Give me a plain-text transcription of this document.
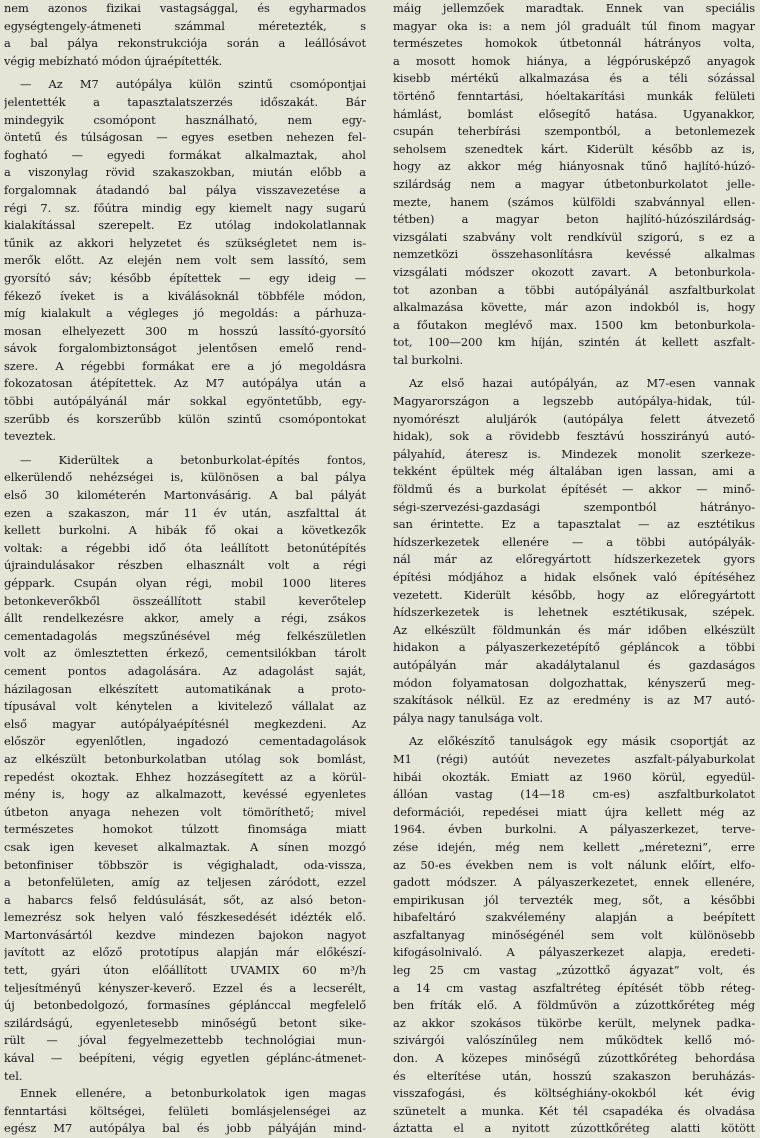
nem azonos fizikai vastagsággal, és egyharmados
egységtengely-átmeneti számmal méretezték, s
a bal pálya rekonstrukciója során a leállósávot
végig mebízható módon újraépítették.
— Az M7 autópálya külön szintű csomópontjai
jelentették a tapasztalatszerzés időszakát. Bár
mindegyik csomópont használható, nem egy-
öntetű és túlságosan — egyes esetben nehezen fel-
fogható — egyedi formákat alkalmaztak, ahol
a viszonylag rövid szakaszokban, miután előbb a
forgalomnak átadandó bal pálya visszavezetése a
régi 7. sz. főútra mindig egy kiemelt nagy sugarú
kialakítással szerepelt. Ez utólag indokolatlannak
tűnik az akkori helyzetet és szükségletet nem is-
merők előtt. Az elején nem volt sem lassító, sem
gyorsító sáv; később építettek — egy ideig —
fékező íveket is a kiválásoknál többféle módon,
míg kialakult a végleges jó megoldás: a párhuza-
mosan elhelyezett 300 m hosszú lassító-gyorsító
sávok forgalombiztonságot jelentősen emelő rend-
szere. A régebbi formákat ere a jó megoldásra
fokozatosan átépítettek. Az M7 autópálya után a
többi autópályánál már sokkal egyöntetűbb, egy-
szerűbb és korszerűbb külön szintű csomópontokat
teveztek.
— Kiderültek a betonburkolat-építés fontos,
elkerülendő nehézségei is, különösen a bal pálya
első 30 kilométerén Martonvásárig. A bal pályát
ezen a szakaszon, már 11 év után, aszfalttal át
kellett burkolni. A hibák fő okai a következők
voltak: a régebbi idő óta leállított betonútépítés
újraindulásakor részben elhasznált volt a régi
géppark. Csupán olyan régi, mobil 1000 literes
betonkeverőkből összeállított stabil keverőtelep
állt rendelkezésre akkor, amely a régi, zsákos
cementadagolás megszűnésével még felkészületlen
volt az ömlesztetten érkező, cementsilókban tárolt
cement pontos adagolására. Az adagolást saját,
házilagosan elkészített automatikának a proto-
típusával volt kénytelen a kivitelező vállalat az
első magyar autópályaépítésnél megkezdeni. Az
először egyenlőtlen, ingadozó cementadagolások
az elkészült betonburkolatban utólag sok bomlást,
repedést okoztak. Ehhez hozzásegített az a körül-
mény is, hogy az alkalmazott, kevéssé egyenletes
útbeton anyaga nehezen volt tömöríthető; mivel
természetes homokot túlzott finomsága miatt
csak igen keveset alkalmaztak. A sínen mozgó
betonfiniser többször is végighaladt, oda-vissza,
a betonfelületen, amíg az teljesen záródott, ezzel
a habarcs felső feldúsulását, sőt, az alsó beton-
lemezrész sok helyen való fészkesedését idézték elő.
Martonvásártól kezdve mindezen bajokon nagyot
javított az előző prototípus alapján már előkészí-
tett, gyári úton előállított UVAMIX 60 m³/h
teljesítményű kényszer-keverő. Ezzel és a lecserélt,
új betonbedolgozó, formasínes géplánccal megfelelő
szilárdságú, egyenletesebb minőségű betont sike-
rült — jóval fegyelmezettebb technológiai mun-
kával — beépíteni, végig egyetlen géplánc-átmenet-
tel.
Ennek ellenére, a betonburkolatok igen magas
fenntartási költségei, felületi bomlásjelenségei az
egész M7 autópálya bal és jobb pályáján mind-
máig jellemzőek maradtak. Ennek van speciális
magyar oka is: a nem jól graduált túl finom magyar
természetes homokok útbetonnál hátrányos volta,
a mosott homok hiánya, a légpórusképző anyagok
kisebb mértékű alkalmazása és a téli sózással
történő fenntartási, hóeltakarítási munkák felületi
hámlást, bomlást elősegítő hatása. Ugyanakkor,
csupán teherbírási szempontból, a betonlemezek
seholsem szenedtek kárt. Kiderült később az is,
hogy az akkor még hiányosnak tűnő hajlító-húzó-
szilárdság nem a magyar útbetonburkolatot jelle-
mezte, hanem (számos külföldi szabvánnyal ellen-
tétben) a magyar beton hajlító-húzószilárdság-
vizsgálati szabvány volt rendkívül szigorú, s ez a
nemzetközi összehasonlításra kevéssé alkalmas
vizsgálati módszer okozott zavart. A betonburkola-
tot azonban a többi autópályánál aszfaltburkolat
alkalmazása követte, már azon indokból is, hogy
a főutakon meglévő max. 1500 km betonburkola-
tot, 100—200 km híján, szintén át kellett aszfalt-
tal burkolni.
Az első hazai autópályán, az M7-esen vannak
Magyarországon a legszebb autópálya-hidak, túl-
nyomórészt aluljárók (autópálya felett átvezető
hidak), sok a rövidebb fesztávú hosszirányú autó-
pályahíd, áteresz is. Mindezek monolit szerkeze-
tekként épültek még általában igen lassan, ami a
földmű és a burkolat építését — akkor — minő-
ségi-szervezési-gazdasági szempontból hátrányo-
san érintette. Ez a tapasztalat — az esztétikus
hídszerkezetek ellenére — a többi autópályák-
nál már az előregyártott hídszerkezetek gyors
építési módjához a hidak elsőnek való építéséhez
vezetett. Kiderült később, hogy az előregyártott
hídszerkezetek is lehetnek esztétikusak, szépek.
Az elkészült földmunkán és már időben elkészült
hidakon a pályaszerkezetépítő gépláncok a többi
autópályán már akadálytalanul és gazdaságos
módon folyamatosan dolgozhattak, kényszerű meg-
szakítások nélkül. Ez az eredmény is az M7 autó-
pálya nagy tanulsága volt.
Az előkészítő tanulságok egy másik csoportját az
M1 (régi) autóút nevezetes aszfalt-pályaburkolat
hibái okozták. Emiatt az 1960 körül, egyedül-
állóan vastag (14—18 cm-es) aszfaltburkolatot
deformációi, repedései miatt újra kellett még az
1964. évben burkolni. A pályaszerkezet, terve-
zése idején, még nem kellett „méretezni”, erre
az 50-es években nem is volt nálunk előírt, elfo-
gadott módszer. A pályaszerkezetet, ennek ellenére,
empirikusan jól tervezték meg, sőt, a későbbi
hibafeltáró szakvélemény alapján a beépített
aszfaltanyag minőségénél sem volt különösebb
kifogásolnivaló. A pályaszerkezet alapja, eredeti-
leg 25 cm vastag „zúzottkő ágyazat” volt, és
a 14 cm vastag aszfaltréteg építését több réteg-
ben fríták elő. A földművön a zúzottkőréteg még
az akkor szokásos tükörbe került, melynek padka-
szivárgói valószínűleg nem működtek kellő mó-
don. A közepes minőségű zúzottkőréteg behordása
és elterítése után, hosszú szakaszon beruházás-
visszafogási, és költséghiány-okokból két évig
szünetelt a munka. Két tél csapadéka és olvadása
áztatta el a nyitott zúzottkőréteg alatti kötött
